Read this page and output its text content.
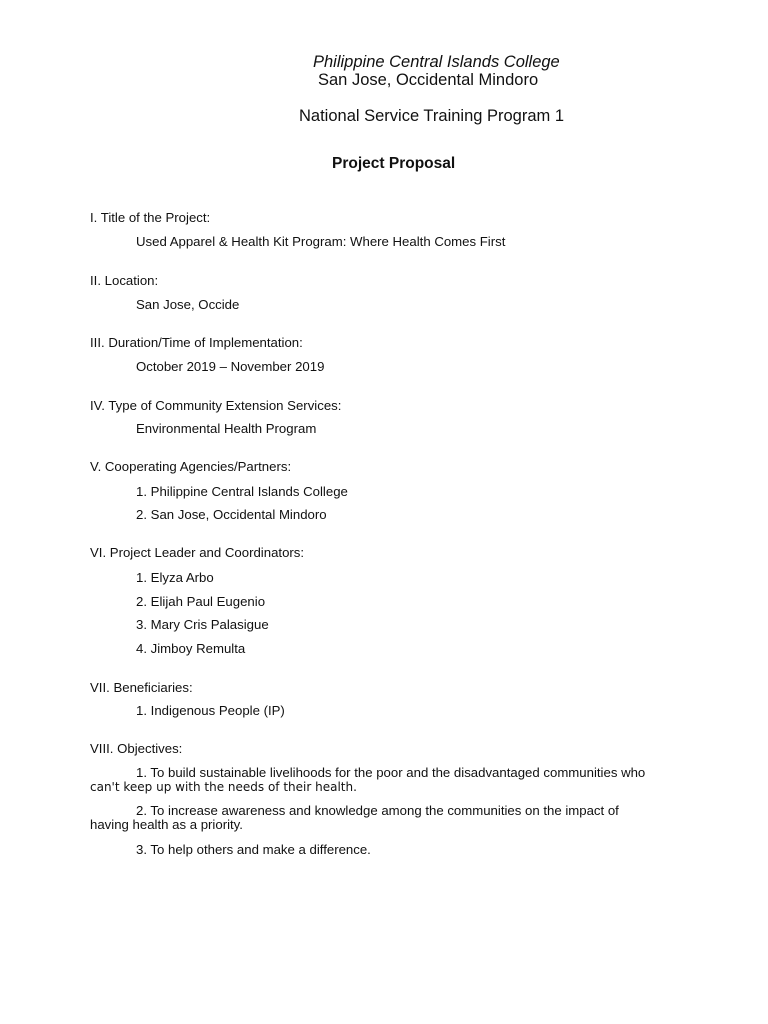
Philippine Central Islands College
San Jose, Occidental Mindoro
National Service Training Program 1
Project Proposal
I. Title of the Project:
Used Apparel & Health Kit Program: Where Health Comes First
II. Location:
San Jose, Occide
III. Duration/Time of Implementation:
October 2019 – November 2019
IV. Type of Community Extension Services:
Environmental Health Program
V. Cooperating Agencies/Partners:
1. Philippine Central Islands College
2. San Jose, Occidental Mindoro
VI. Project Leader and Coordinators:
1. Elyza Arbo
2. Elijah Paul Eugenio
3. Mary Cris Palasigue
4. Jimboy Remulta
VII. Beneficiaries:
1. Indigenous People (IP)
VIII. Objectives:
1. To build sustainable livelihoods for the poor and the disadvantaged communities who
can't keep up with the needs of their health.
2. To increase awareness and knowledge among the communities on the impact of
having health as a priority.
3. To help others and make a difference.
